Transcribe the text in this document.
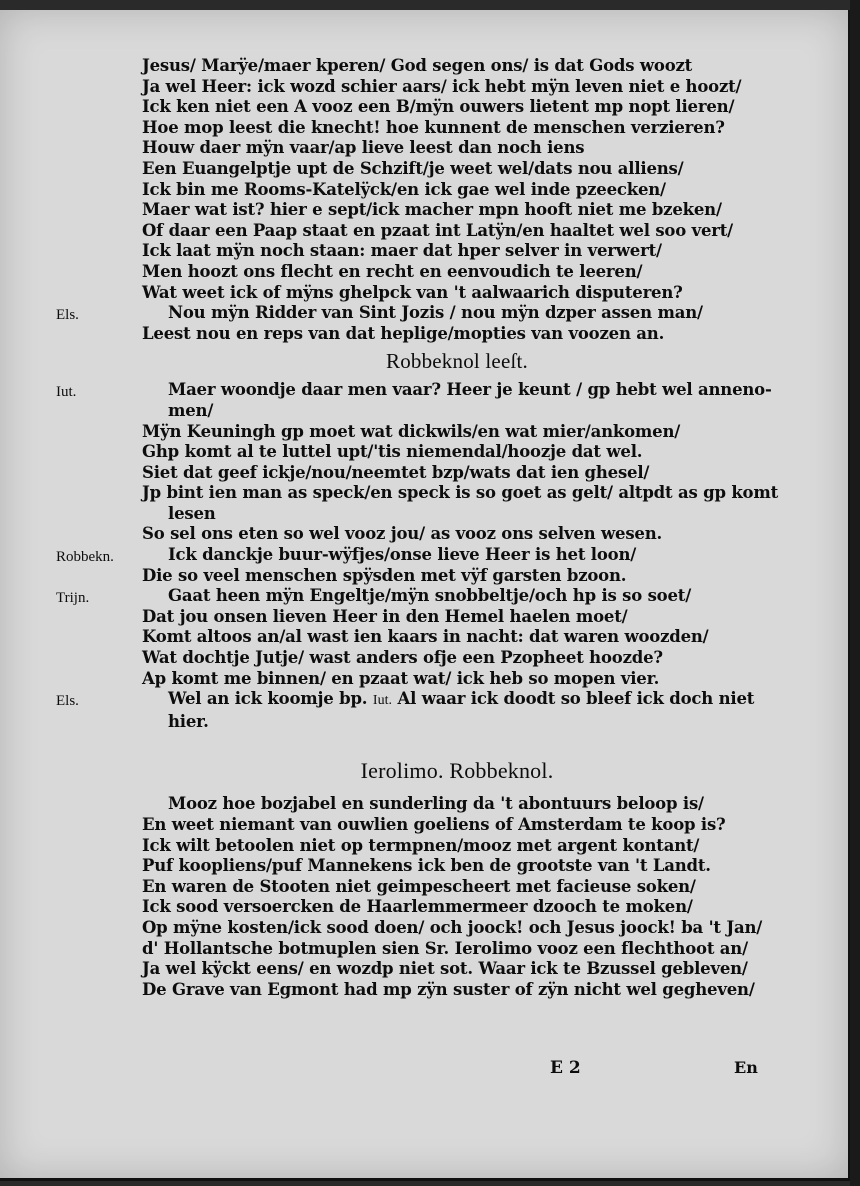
Jesus/ Marÿe/maer kperen/ God segen ons/ is dat Gods woozt
Ja wel Heer: ick wozd schier aars/ ick hebt mÿn leven niet e hoozt/
Ick ken niet een A vooz een B/mÿn ouwers lietent mp nopt lieren/
Hoe mop leest die knecht! hoe kunnent de menschen verzieren?
Houw daer mÿn vaar/ap lieve leest dan noch iens
Een Euangelptje upt de Schzift/je weet wel/dats nou alliens/
Ick bin me Rooms-Katelÿck/en ick gae wel inde pzeecken/
Maer wat ist? hier e sept/ick macher mpn hooft niet me bzeken/
Of daar een Paap staat en pzaat int Latÿn/en haaltet wel soo vert/
Ick laat mÿn noch staan: maer dat hper selver in verwert/
Men hoozt ons flecht en recht en eenvoudich te leeren/
Wat weet ick of mÿns ghelpck van 't aalwaarich disputeren?
Els.	Nou mÿn Ridder van Sint Jozis / nou mÿn dzper assen man/
Leest nou en reps van dat heplige/mopties van voozen an.
Robbeknol leeſt.
Iut.	Maer woondje daar men vaar? Heer je keunt / gp hebt wel anneno-
men/
Mÿn Keuningh gp moet wat dickwils/en wat mier/ankomen/
Ghp komt al te luttel upt/'tis niemendal/hoozje dat wel.
Siet dat geef ickje/nou/neemtet bzp/wats dat ien ghesel/
Jp bint ien man as speck/en speck is so goet as gelt/ altpdt as gp komt
lesen
So sel ons eten so wel vooz jou/ as vooz ons selven wesen.
Robbekn.	Ick danckje buur-wÿfjes/onse lieve Heer is het loon/
Die so veel menschen spÿsden met vÿf garsten bzoon.
Trijn.	Gaat heen mÿn Engeltje/mÿn snobbeltje/och hp is so soet/
Dat jou onsen lieven Heer in den Hemel haelen moet/
Komt altoos an/al wast ien kaars in nacht: dat waren woozden/
Wat dochtje Jutje/ wast anders ofje een Pzopheet hoozde?
Ap komt me binnen/ en pzaat wat/ ick heb so mopen vier.
Els.	Wel an ick koomje bp. Iut. Al waar ick doodt so bleef ick doch niet
hier.
Ierolimo. Robbeknol.
Mooz hoe bozjabel en sunderling da 't abontuurs beloop is/
En weet niemant van ouwlien goeliens of Amsterdam te koop is?
Ick wilt betoolen niet op termpnen/mooz met argent kontant/
Puf koopliens/puf Mannekens ick ben de grootste van 't Landt.
En waren de Stooten niet geimpescheert met facieuse soken/
Ick sood versoercken de Haarlemmermeer dzooch te moken/
Op mÿne kosten/ick sood doen/ och joock! och Jesus joock! ba 't Jan/
d' Hollantsche botmuplen sien Sr. Ierolimo vooz een flechthoot an/
Ja wel kÿckt eens/ en wozdp niet sot. Waar ick te Bzussel gebleven/
De Grave van Egmont had mp zÿn suster of zÿn nicht wel gegheven/
E 2	En
